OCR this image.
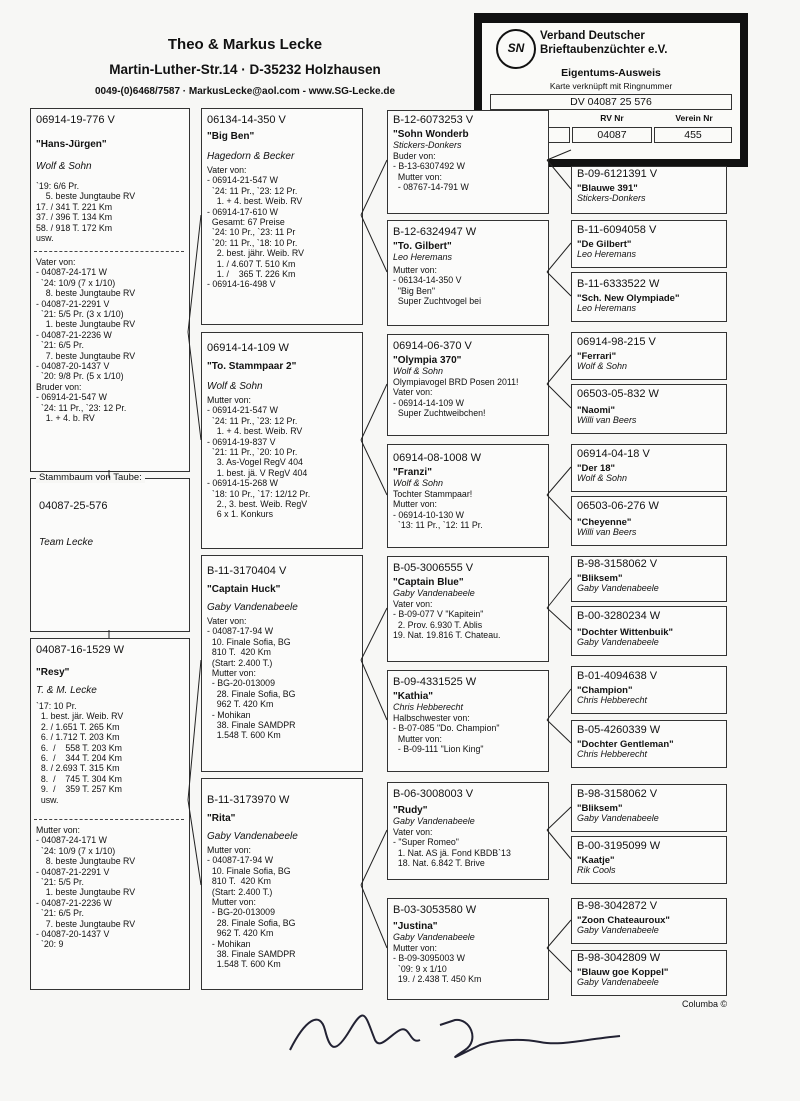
Theo & Markus Lecke
Martin-Luther-Str.14 · D-35232 Holzhausen
0049-(0)6468/7587 · MarkusLecke@aol.com - www.SG-Lecke.de
SN
Verband Deutscher
Brieftaubenzüchter e.V.
Eigentums-Ausweis
Karte verknüpft mit Ringnummer
DV 04087 25 576
RV Nr	Verein Nr
04087	455
06914-19-776 V
"Hans-Jürgen"
Wolf & Sohn
`19: 6/6 Pr.
5. beste Jungtaube RV
17. / 341 T. 221 Km
37. / 396 T. 134 Km
58. / 918 T. 172 Km
usw.
Vater von:
- 04087-24-171 W
`24: 10/9 (7 x 1/10)
8. beste Jungtaube RV
- 04087-21-2291 V
`21: 5/5 Pr. (3 x 1/10)
1. beste Jungtaube RV
- 04087-21-2236 W
`21: 6/5 Pr.
7. beste Jungtaube RV
- 04087-20-1437 V
`20: 9/8 Pr. (5 x 1/10)
Bruder von:
- 06914-21-547 W
`24: 11 Pr., `23: 12 Pr.
1. + 4. b. RV
Stammbaum von Taube:
04087-25-576
Team Lecke
04087-16-1529 W
"Resy"
T. & M. Lecke
`17: 10 Pr.
1. best. jär. Weib. RV
2. / 1.651 T. 265 Km
6. / 1.712 T. 203 Km
6.  /    558 T. 203 Km
6.  /    344 T. 204 Km
8. / 2.693 T. 315 Km
8.  /    745 T. 304 Km
9.  /    359 T. 257 Km
usw.
Mutter von:
- 04087-24-171 W
`24: 10/9 (7 x 1/10)
8. beste Jungtaube RV
- 04087-21-2291 V
`21: 5/5 Pr.
1. beste Jungtaube RV
- 04087-21-2236 W
`21: 6/5 Pr.
7. beste Jungtaube RV
- 04087-20-1437 V
`20: 9
06134-14-350 V
"Big Ben"
Hagedorn & Becker
Vater von:
- 06914-21-547 W
`24: 11 Pr., `23: 12 Pr.
1. + 4. best. Weib. RV
- 06914-17-610 W
Gesamt: 67 Preise
`24: 10 Pr., `23: 11 Pr
`20: 11 Pr., `18: 10 Pr.
2. best. jähr. Weib. RV
1. / 4.607 T. 510 Km
1. /    365 T. 226 Km
- 06914-16-498 V
06914-14-109 W
"To. Stammpaar 2"
Wolf & Sohn
Mutter von:
- 06914-21-547 W
`24: 11 Pr., `23: 12 Pr.
1. + 4. best. Weib. RV
- 06914-19-837 V
`21: 11 Pr., `20: 10 Pr.
3. As-Vogel RegV 404
1. best. jä. V RegV 404
- 06914-15-268 W
`18: 10 Pr., `17: 12/12 Pr.
2., 3. best. Weib. RegV
6 x 1. Konkurs
B-11-3170404 V
"Captain Huck"
Gaby Vandenabeele
Vater von:
- 04087-17-94 W
10. Finale Sofia, BG
810 T.  420 Km
(Start: 2.400 T.)
Mutter von:
- BG-20-013009
28. Finale Sofia, BG
962 T. 420 Km
- Mohikan
38. Finale SAMDPR
1.548 T. 600 Km
B-11-3173970 W
"Rita"
Gaby Vandenabeele
Mutter von:
- 04087-17-94 W
10. Finale Sofia, BG
810 T.  420 Km
(Start: 2.400 T.)
Mutter von:
- BG-20-013009
28. Finale Sofia, BG
962 T. 420 Km
- Mohikan
38. Finale SAMDPR
1.548 T. 600 Km
B-12-6073253 V
"Sohn Wonderb
Stickers-Donkers
Buder von:
- B-13-6307492 W
Mutter von:
- 08767-14-791 W
B-12-6324947 W
"To. Gilbert"
Leo Heremans
Mutter von:
- 06134-14-350 V
"Big Ben"
Super Zuchtvogel bei
06914-06-370 V
"Olympia 370"
Wolf & Sohn
Olympiavogel BRD Posen 2011!
Vater von:
- 06914-14-109 W
Super Zuchtweibchen!
06914-08-1008 W
"Franzi"
Wolf & Sohn
Tochter Stammpaar!
Mutter von:
- 06914-10-130 W
`13: 11 Pr., `12: 11 Pr.
B-05-3006555 V
"Captain Blue"
Gaby Vandenabeele
Vater von:
- B-09-077 V "Kapitein"
2. Prov. 6.930 T. Ablis
19. Nat. 19.816 T. Chateau.
B-09-4331525 W
"Kathia"
Chris Hebberecht
Halbschwester von:
- B-07-085 "Do. Champion"
Mutter von:
- B-09-111 "Lion King"
B-06-3008003 V
"Rudy"
Gaby Vandenabeele
Vater von:
- "Super Romeo"
1. Nat. AS jä. Fond KBDB`13
18. Nat. 6.842 T. Brive
B-03-3053580 W
"Justina"
Gaby Vandenabeele
Mutter von:
- B-09-3095003 W
`09: 9 x 1/10
19. / 2.438 T. 450 Km
B-09-6121391 V
"Blauwe 391"
Stickers-Donkers
B-11-6094058 V
"De Gilbert"
Leo Heremans
B-11-6333522 W
"Sch. New Olympiade"
Leo Heremans
06914-98-215 V
"Ferrari"
Wolf & Sohn
06503-05-832 W
"Naomi"
Willi van Beers
06914-04-18 V
"Der 18"
Wolf & Sohn
06503-06-276 W
"Cheyenne"
Willi van Beers
B-98-3158062 V
"Bliksem"
Gaby Vandenabeele
B-00-3280234 W
"Dochter Wittenbuik"
Gaby Vandenabeele
B-01-4094638 V
"Champion"
Chris Hebberecht
B-05-4260339 W
"Dochter Gentleman"
Chris Hebberecht
B-98-3158062 V
"Bliksem"
Gaby Vandenabeele
B-00-3195099 W
"Kaatje"
Rik Cools
B-98-3042872 V
"Zoon Chateauroux"
Gaby Vandenabeele
B-98-3042809 W
"Blauw goe Koppel"
Gaby Vandenabeele
Columba ©
